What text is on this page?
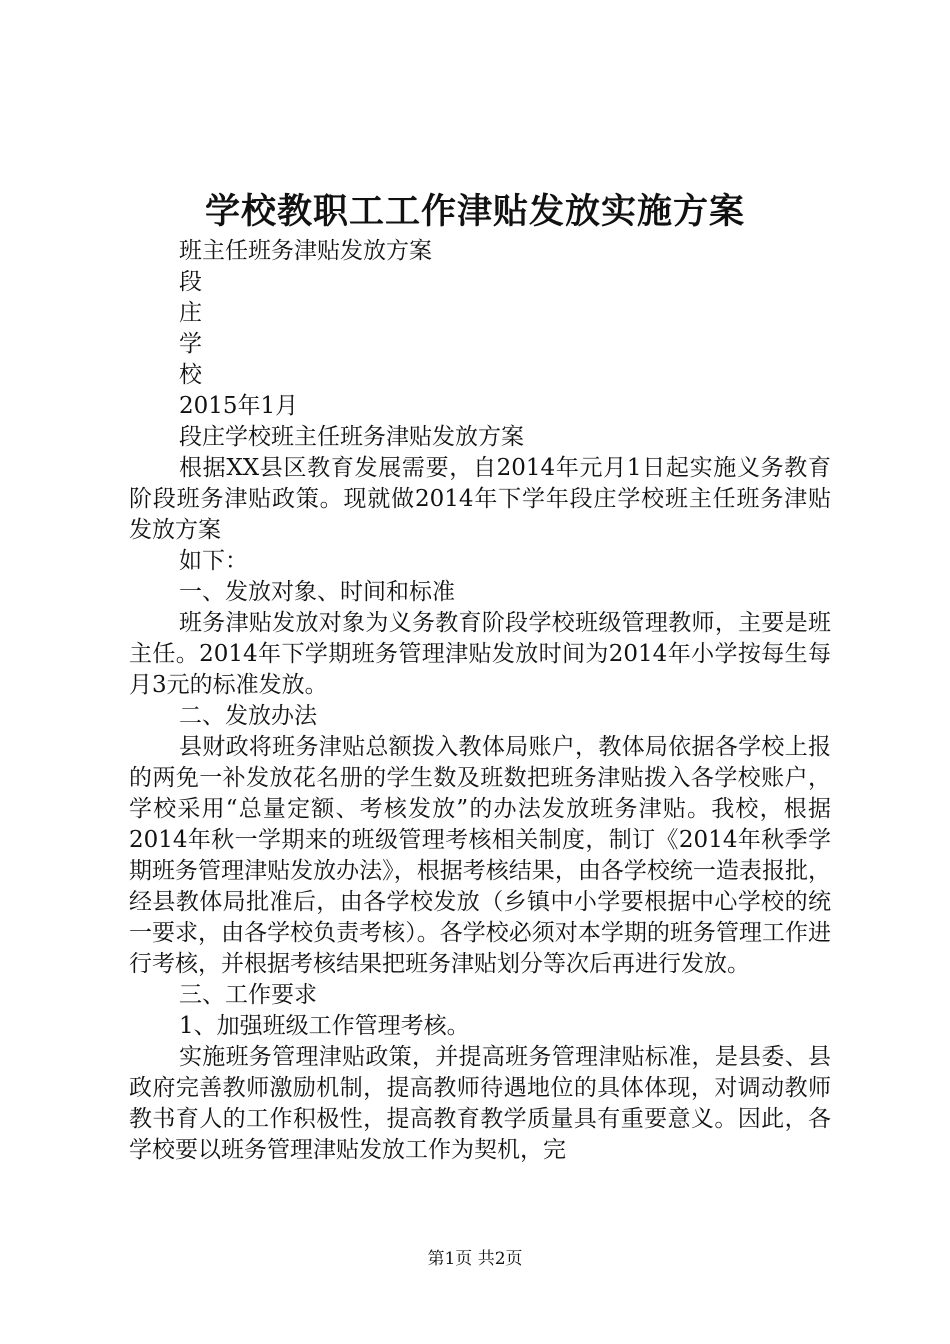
学校教职工工作津贴发放实施方案

班主任班务津贴发放方案

段

庄

学

校

2015年1月

段庄学校班主任班务津贴发放方案

根据XX县区教育发展需要，自2014年元月1日起实施义务教育阶段班务津贴政策。现就做2014年下学年段庄学校班主任班务津贴发放方案

如下：

一、发放对象、时间和标准

班务津贴发放对象为义务教育阶段学校班级管理教师，主要是班主任。2014年下学期班务管理津贴发放时间为2014年小学按每生每月3元的标准发放。

二、发放办法

县财政将班务津贴总额拨入教体局账户，教体局依据各学校上报的两免一补发放花名册的学生数及班数把班务津贴拨入各学校账户，学校采用“总量定额、考核发放”的办法发放班务津贴。我校，根据2014年秋一学期来的班级管理考核相关制度，制订《2014年秋季学期班务管理津贴发放办法》，根据考核结果，由各学校统一造表报批，经县教体局批准后，由各学校发放（乡镇中小学要根据中心学校的统一要求，由各学校负责考核）。各学校必须对本学期的班务管理工作进行考核，并根据考核结果把班务津贴划分等次后再进行发放。

三、工作要求

1、加强班级工作管理考核。

实施班务管理津贴政策，并提高班务管理津贴标准，是县委、县政府完善教师激励机制，提高教师待遇地位的具体体现，对调动教师教书育人的工作积极性，提高教育教学质量具有重要意义。因此，各学校要以班务管理津贴发放工作为契机，完

第1页 共2页
